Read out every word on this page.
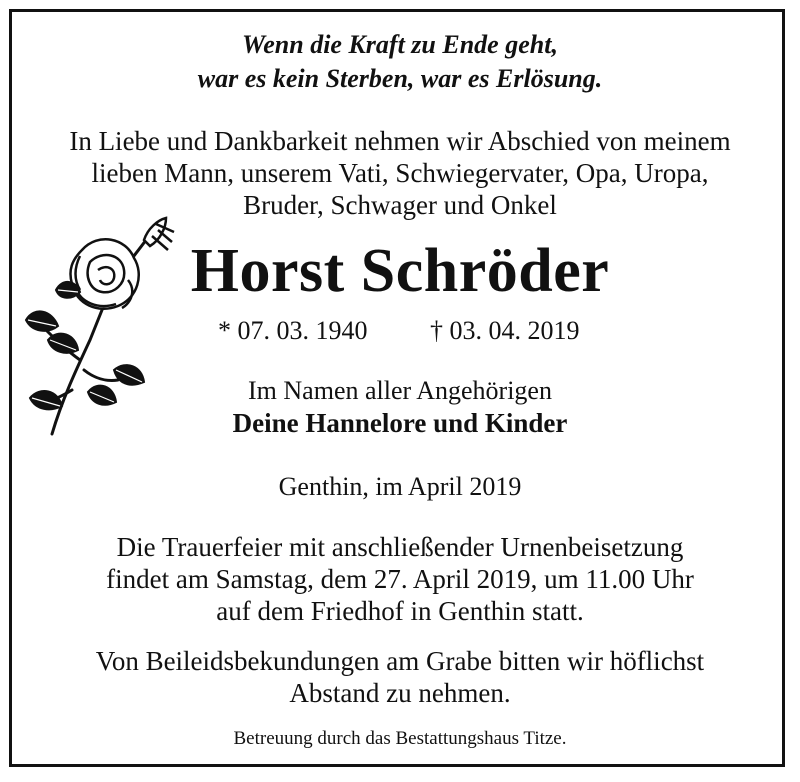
Wenn die Kraft zu Ende geht,
war es kein Sterben, war es Erlösung.
In Liebe und Dankbarkeit nehmen wir Abschied von meinem
lieben Mann, unserem Vati, Schwiegervater, Opa, Uropa,
Bruder, Schwager und Onkel
Horst Schröder
* 07. 03. 1940 † 03. 04. 2019
Im Namen aller Angehörigen
Deine Hannelore und Kinder
Genthin, im April 2019
Die Trauerfeier mit anschließender Urnenbeisetzung
findet am Samstag, dem 27. April 2019, um 11.00 Uhr
auf dem Friedhof in Genthin statt.
Von Beileidsbekundungen am Grabe bitten wir höflichst
Abstand zu nehmen.
Betreuung durch das Bestattungshaus Titze.
